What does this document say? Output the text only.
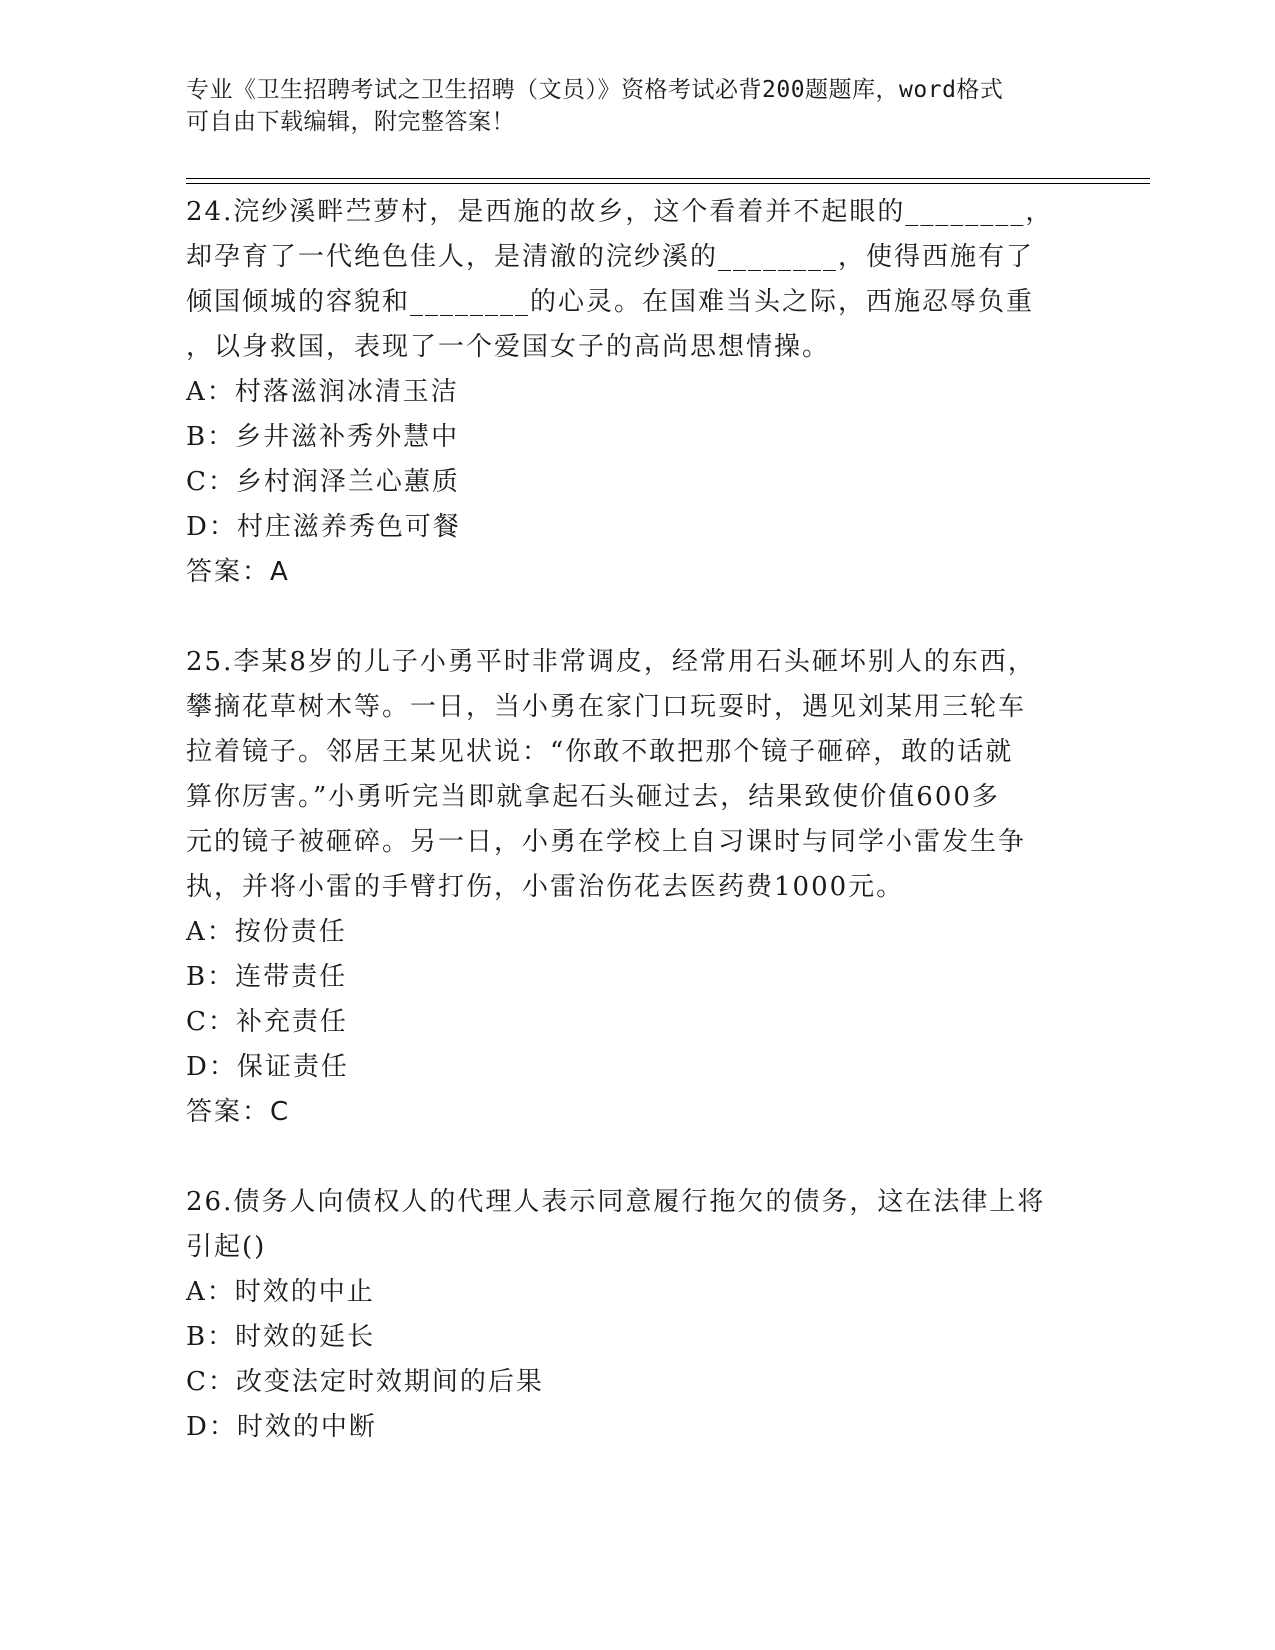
专业《卫生招聘考试之卫生招聘（文员）》资格考试必背200题题库，word格式
可自由下载编辑，附完整答案！
24.浣纱溪畔苎萝村，是西施的故乡，这个看着并不起眼的________，
却孕育了一代绝色佳人，是清澈的浣纱溪的________，使得西施有了
倾国倾城的容貌和________的心灵。在国难当头之际，西施忍辱负重
，以身救国，表现了一个爱国女子的高尚思想情操。
A：村落滋润冰清玉洁
B：乡井滋补秀外慧中
C：乡村润泽兰心蕙质
D：村庄滋养秀色可餐
答案：A
25.李某8岁的儿子小勇平时非常调皮，经常用石头砸坏别人的东西，
攀摘花草树木等。一日，当小勇在家门口玩耍时，遇见刘某用三轮车
拉着镜子。邻居王某见状说：“你敢不敢把那个镜子砸碎，敢的话就
算你厉害。”小勇听完当即就拿起石头砸过去，结果致使价值600多
元的镜子被砸碎。另一日，小勇在学校上自习课时与同学小雷发生争
执，并将小雷的手臂打伤，小雷治伤花去医药费1000元。
A：按份责任
B：连带责任
C：补充责任
D：保证责任
答案：C
26.债务人向债权人的代理人表示同意履行拖欠的债务，这在法律上将
引起()
A：时效的中止
B：时效的延长
C：改变法定时效期间的后果
D：时效的中断
